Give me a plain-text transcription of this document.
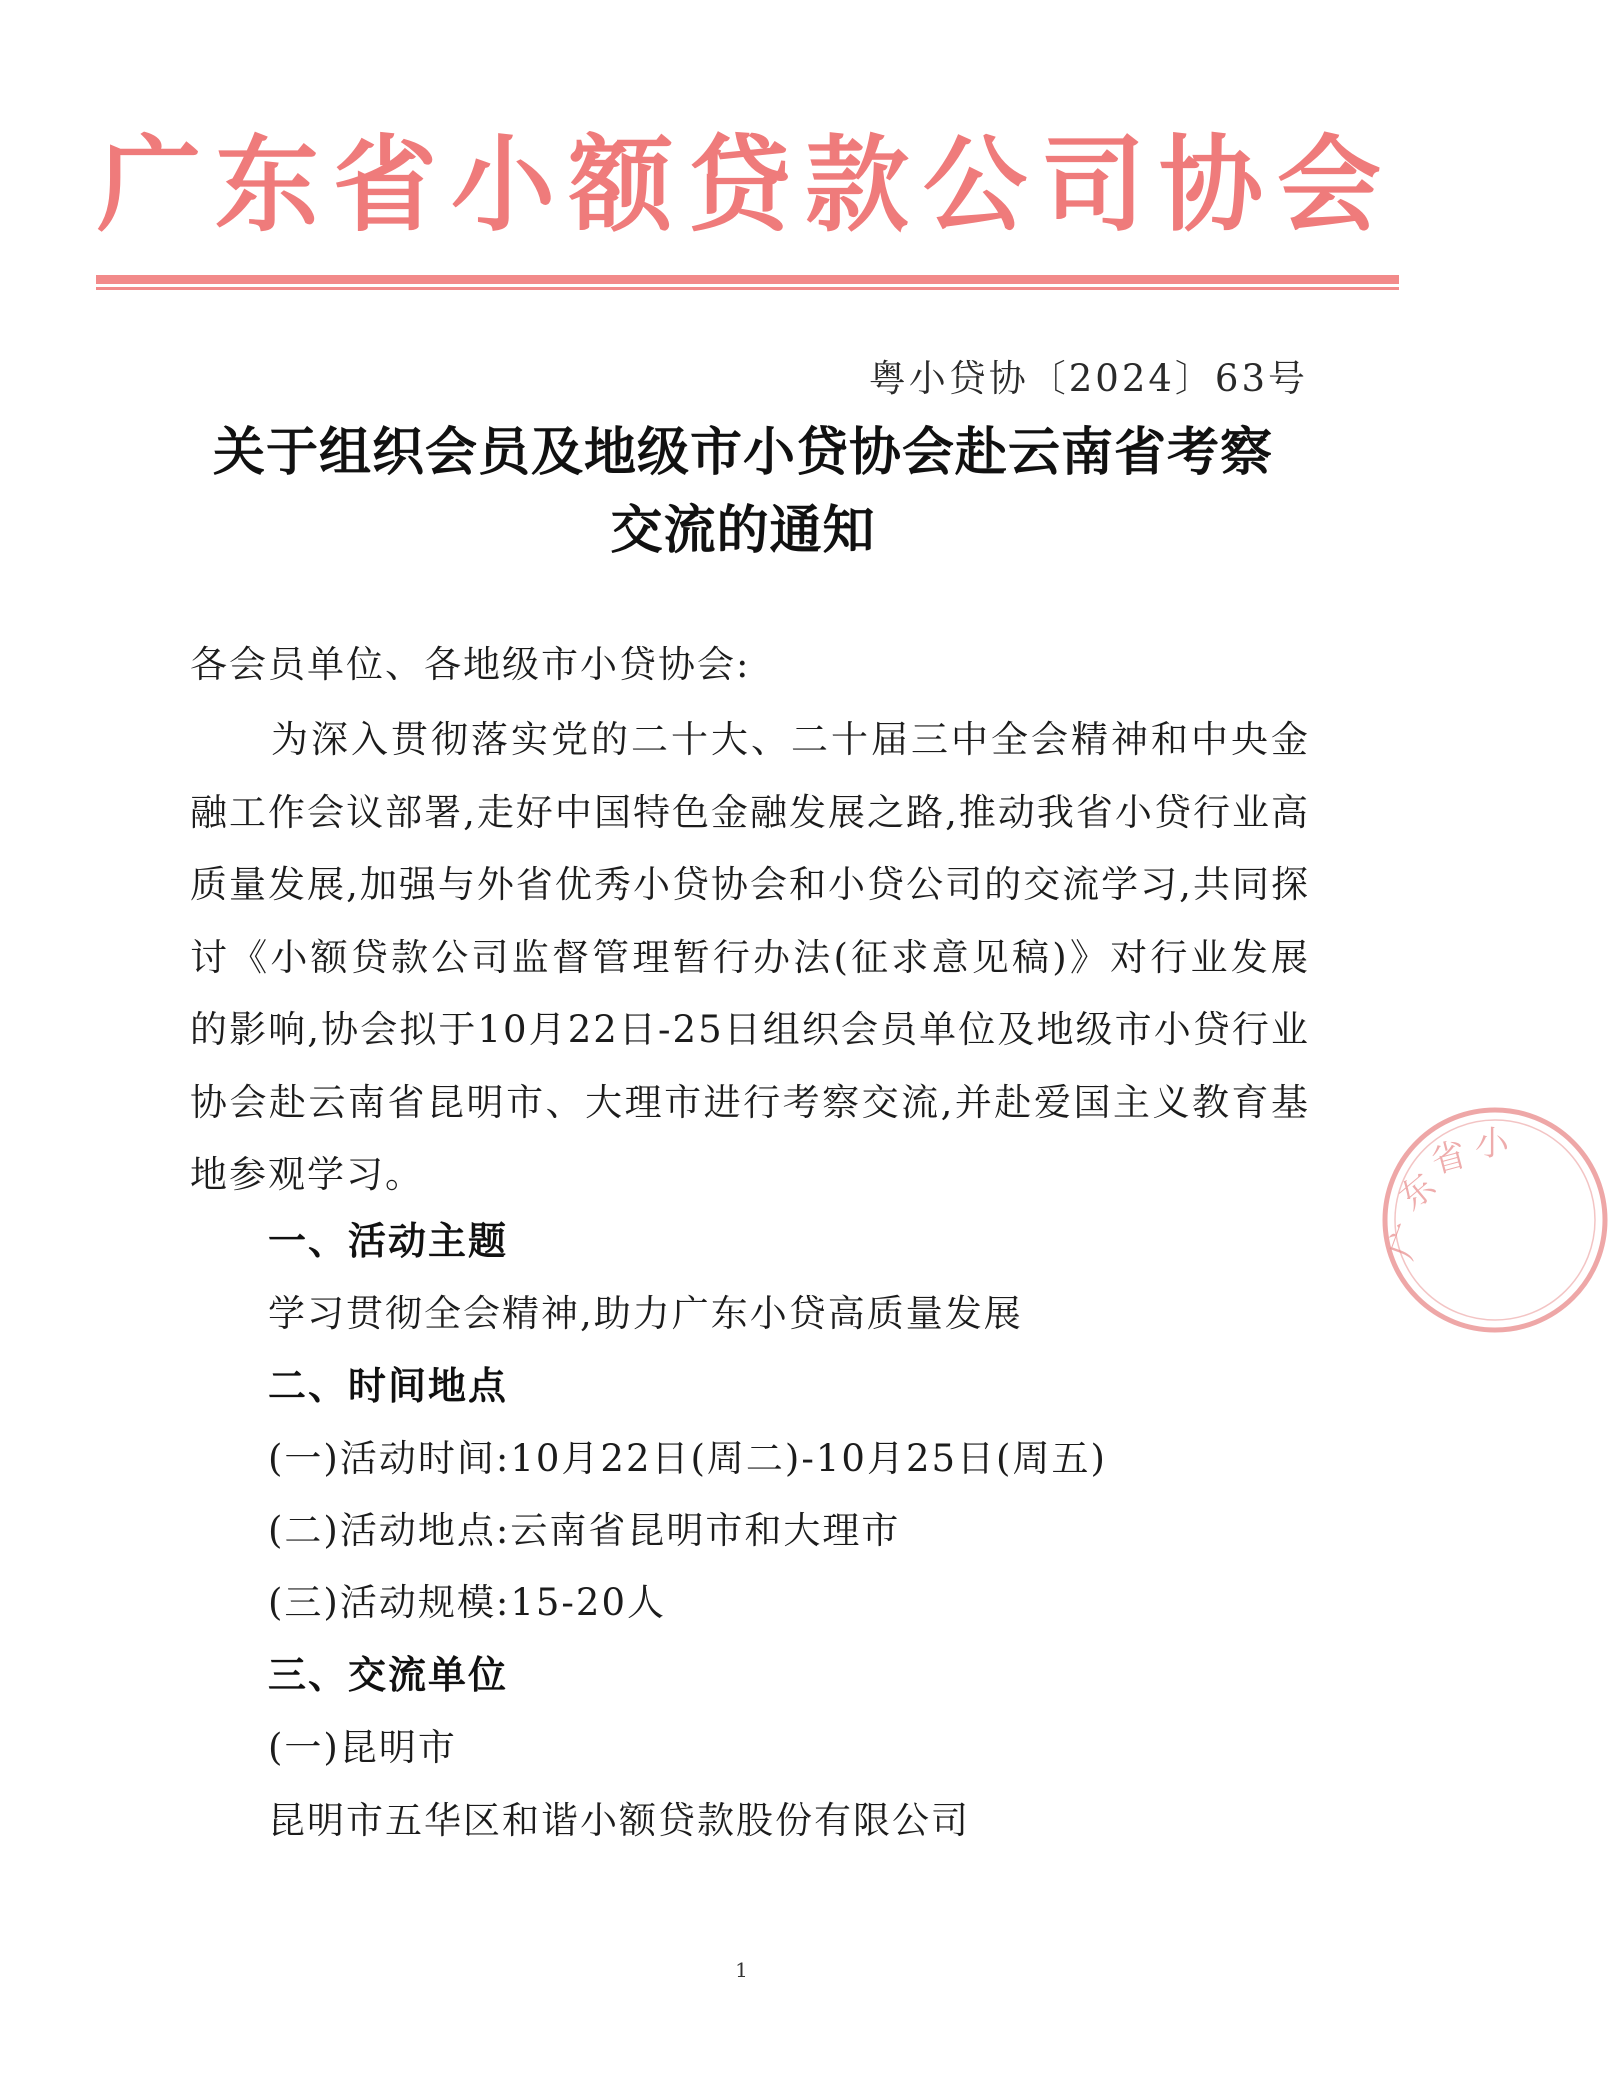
广东省小额贷款公司协会
粤小贷协〔2024〕63号
关于组织会员及地级市小贷协会赴云南省考察
交流的通知
各会员单位、各地级市小贷协会:
为深入贯彻落实党的二十大、二十届三中全会精神和中央金融工作会议部署,走好中国特色金融发展之路,推动我省小贷行业高质量发展,加强与外省优秀小贷协会和小贷公司的交流学习,共同探讨《小额贷款公司监督管理暂行办法(征求意见稿)》对行业发展的影响,协会拟于10月22日-25日组织会员单位及地级市小贷行业协会赴云南省昆明市、大理市进行考察交流,并赴爱国主义教育基地参观学习。
一、活动主题
学习贯彻全会精神,助力广东小贷高质量发展
二、时间地点
(一)活动时间:10月22日(周二)-10月25日(周五)
(二)活动地点:云南省昆明市和大理市
(三)活动规模:15-20人
三、交流单位
(一)昆明市
昆明市五华区和谐小额贷款股份有限公司
1
广
东
省 小
